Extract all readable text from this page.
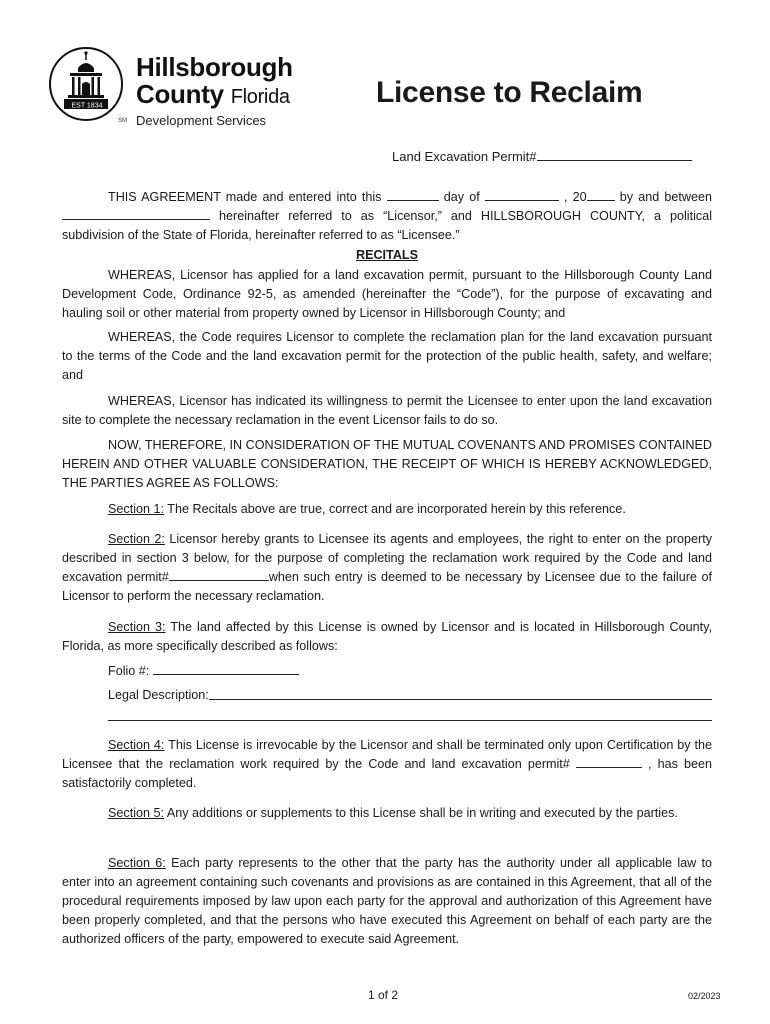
EST 1834
SM
Hillsborough
County Florida
Development Services
License to Reclaim
Land Excavation Permit#
THIS AGREEMENT made and entered into this	day of	, 20	by and between  hereinafter referred to as “Licensor,” and HILLSBOROUGH COUNTY, a political subdivision of the State of Florida, hereinafter referred to as “Licensee.”
RECITALS
WHEREAS, Licensor has applied for a land excavation permit, pursuant to the Hillsborough County Land Development Code, Ordinance 92-5, as amended (hereinafter the “Code”), for the purpose of excavating and hauling soil or other material from property owned by Licensor in Hillsborough County; and
WHEREAS, the Code requires Licensor to complete the reclamation plan for the land excavation pursuant to the terms of the Code and the land excavation permit for the protection of the public health, safety, and welfare; and
WHEREAS, Licensor has indicated its willingness to permit the Licensee to enter upon the land excavation site to complete the necessary reclamation in the event Licensor fails to do so.
NOW, THEREFORE, IN CONSIDERATION OF THE MUTUAL COVENANTS AND PROMISES CONTAINED HEREIN AND OTHER VALUABLE CONSIDERATION, THE RECEIPT OF WHICH IS HEREBY ACKNOWLEDGED, THE PARTIES AGREE AS FOLLOWS:
Section 1: The Recitals above are true, correct and are incorporated herein by this reference.
Section 2: Licensor hereby grants to Licensee its agents and employees, the right to enter on the property described in section 3 below, for the purpose of completing the reclamation work required by the Code and land excavation permit#	when such entry is deemed to be necessary by Licensee due to the failure of Licensor to perform the necessary reclamation.
Section 3: The land affected by this License is owned by Licensor and is located in Hillsborough County, Florida, as more specifically described as follows:
Folio #:
Legal Description:
Section 4: This License is irrevocable by the Licensor and shall be terminated only upon Certification by the Licensee that the reclamation work required by the Code and land excavation permit#	, has been satisfactorily completed.
Section 5: Any additions or supplements to this License shall be in writing and executed by the parties.
Section 6: Each party represents to the other that the party has the authority under all applicable law to enter into an agreement containing such covenants and provisions as are contained in this Agreement, that all of the procedural requirements imposed by law upon each party for the approval and authorization of this Agreement have been properly completed, and that the persons who have executed this Agreement on behalf of each party are the authorized officers of the party, empowered to execute said Agreement.
1 of 2	02/2023
